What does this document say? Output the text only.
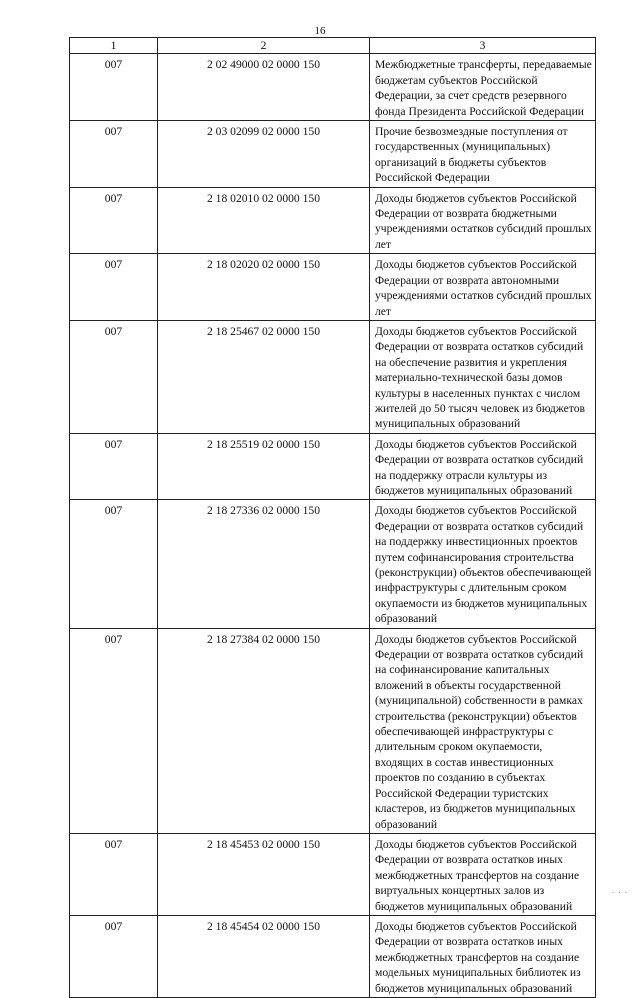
16
1	2	3
007	2 02 49000 02 0000 150	Межбюджетные трансферты, передаваемые бюджетам субъектов Российской Федерации, за счет средств резервного фонда Президента Российской Федерации
007	2 03 02099 02 0000 150	Прочие безвозмездные поступления от государственных (муниципальных) организаций в бюджеты субъектов Российской Федерации
007	2 18 02010 02 0000 150	Доходы бюджетов субъектов Российской Федерации от возврата бюджетными учреждениями остатков субсидий прошлых лет
007	2 18 02020 02 0000 150	Доходы бюджетов субъектов Российской Федерации от возврата автономными учреждениями остатков субсидий прошлых лет
007	2 18 25467 02 0000 150	Доходы бюджетов субъектов Российской Федерации от возврата остатков субсидий на обеспечение развития и укрепления материально-технической базы домов культуры в населенных пунктах с числом жителей до 50 тысяч человек из бюджетов муниципальных образований
007	2 18 25519 02 0000 150	Доходы бюджетов субъектов Российской Федерации от возврата остатков субсидий на поддержку отрасли культуры из бюджетов муниципальных образований
007	2 18 27336 02 0000 150	Доходы бюджетов субъектов Российской Федерации от возврата остатков субсидий на поддержку инвестиционных проектов путем софинансирования строительства (реконструкции) объектов обеспечивающей инфраструктуры с длительным сроком окупаемости из бюджетов муниципальных образований
007	2 18 27384 02 0000 150	Доходы бюджетов субъектов Российской Федерации от возврата остатков субсидий на софинансирование капитальных вложений в объекты государственной (муниципальной) собственности в рамках строительства (реконструкции) объектов обеспечивающей инфраструктуры с длительным сроком окупаемости, входящих в состав инвестиционных проектов по созданию в субъектах Российской Федерации туристских кластеров, из бюджетов муниципальных образований
007	2 18 45453 02 0000 150	Доходы бюджетов субъектов Российской Федерации от возврата остатков иных межбюджетных трансфертов на создание виртуальных концертных залов из бюджетов муниципальных образований
007	2 18 45454 02 0000 150	Доходы бюджетов субъектов Российской Федерации от возврата остатков иных межбюджетных трансфертов на создание модельных муниципальных библиотек из бюджетов муниципальных образований
· · ·
